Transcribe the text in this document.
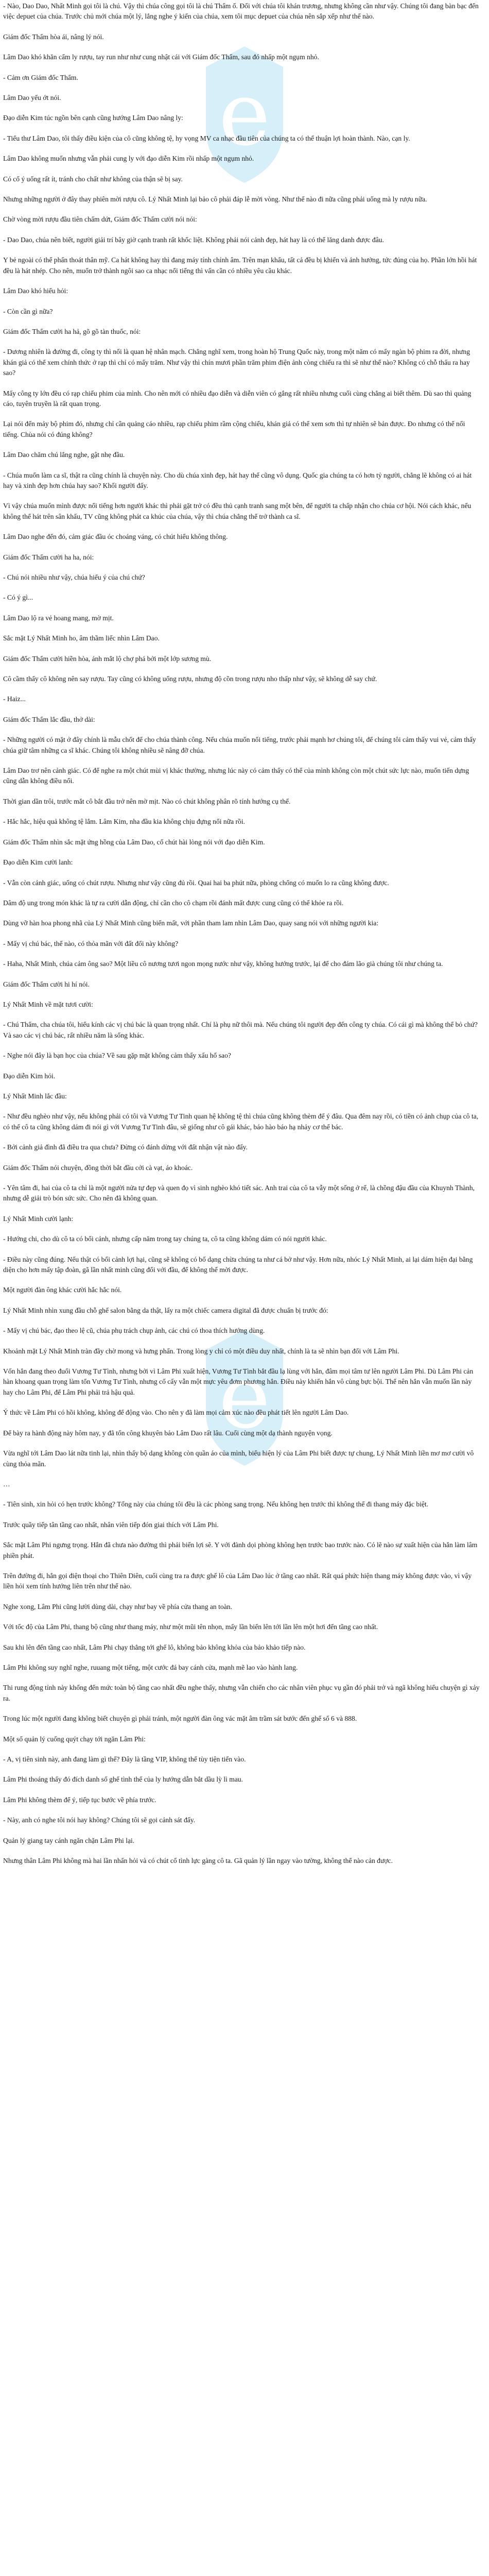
e
e

- Nào, Dao Dao, Nhất Minh gọi tôi là chú. Vậy thì chúa công gọi tôi là chú Thẩm ổ. Đối với chúa tôi khán trương, nhưng không cần như vậy. Chúng tôi đang bàn bạc đến việc depuet của chúa. Trước chủ mới chúa một lý, lắng nghe ý kiến của chúa, xem tôi mục depuet của chúa nên sắp xếp như thế nào.

Giám đốc Thẩm hòa ái, nâng lý nói.

Lâm Dao khó khăn cẩm ly rượu, tay run như như cung nhật cái với Giám đốc Thẩm, sau đó nhấp một ngụm nhỏ.

- Cảm ơn Giám đốc Thẩm.

Lâm Dao yếu ớt nói.

Đạo diễn Kim túc ngồn bên cạnh cũng hướng Lâm Dao nâng ly:

- Tiểu thư Lâm Dao, tôi thấy điều kiện của cô cũng không tệ, hy vọng MV ca nhạc đầu tiên của chúng ta có thể thuận lợi hoàn thành. Nào, cạn ly.

Lâm Dao không muốn nhưng vẫn phải cung ly với đạo diễn Kim rồi nhấp một ngụm nhỏ.

Có cố ý uống rất ít, tránh cho chất như không của thận sẽ bị say.

Nhưng những người ở đây thay phiên mời rượu cô. Lý Nhất Minh lại bảo cô phải đáp lễ mời vòng. Như thế nào đi nữa cũng phải uống mà ly rượu nữa.

Chờ vòng mời rượu đầu tiên chấm dứt, Giám đốc Thẩm cười nói nói:

- Dao Dao, chúa nên biết, người giải trí bây giờ cạnh tranh rất khốc liệt. Không phải nói cảnh đẹp, hát hay là có thể lăng danh được đâu.

Y bẻ ngoài có thể phấn thoát thân mỹ. Ca hát không hay thì đang máy tính chỉnh âm. Trên mạn khẩu, tất cả đều bị khiến và ảnh hưởng, tức đúng của họ. Phần lớn hồi hát đều là hát nhép. Cho nên, muốn trở thành ngôi sao ca nhạc nổi tiếng thì vấn cần có nhiều yêu cầu khác.

Lâm Dao khó hiểu hỏi:

- Còn cần gì nữa?

Giám đốc Thẩm cười ha hả, gõ gõ tàn thuốc, nói:

- Dương nhiên là đường đi, công ty thì nối là quan hệ nhân mạch. Chẳng nghĩ xem, trong hoàn hộ Trung Quốc này, trong một năm có mấy ngàn bộ phim ra đời, nhưng khán giả có thể xem chính thức ở rạp thì chỉ có mấy trăm. Như vậy thì chín mươi phần trăm phim điện ảnh còng chiếu ra thì sẽ như thế nào? Không có chỗ thấu ra hay sao?

Mấy công ty lớn đều có rạp chiếu phim của mình. Cho nên mới có nhiều đạo diễn và diễn viên có gắng rất nhiều nhưng cuối cùng chẳng ai biết thêm. Dù sao thì quảng cáo, tuyên truyền là rất quan trọng.

Lại nói đến mảy bộ phim đó, nhưng chỉ cần quảng cáo nhiều, rạp chiếu phim rầm cộng chiếu, khán giả có thể xem sơn thì tự nhiên sẽ bản được. Đo nhưng có thể nổi tiếng. Chùa nói có đúng không?

Lâm Dao chăm chú lắng nghe, gật nhẹ đầu.

- Chúa muốn làm ca sĩ, thật ra cũng chính là chuyện này. Cho dù chúa xinh đẹp, hát hay thế cũng vô dụng. Quốc gia chúng ta có hơn tỷ người, chẳng lẽ không có ai hát hay và xinh đẹp hơn chúa hay sao? Khối người đấy.

Vì vậy chúa muốn mình được nổi tiếng hơn người khác thì phải gặt trở có đều thủ cạnh tranh sang một bên, để người ta chấp nhận cho chúa cơ hội. Nói cách khác, nếu không thể hát trên sân khấu, TV cũng không phát ca khúc của chúa, vậy thì chúa chẳng thể trở thành ca sĩ.

Lâm Dao nghe đến đó, cảm giác đầu óc choáng váng, có chút hiểu không thông.

Giám đốc Thẩm cười ha ha, nói:

- Chú nói nhiều như vậy, chúa hiểu ý của chú chứ?

- Có ý gì...

Lâm Dao lộ ra vẻ hoang mang, mờ mịt.

Sắc mặt Lý Nhất Minh ho, âm thầm liếc nhìn Lâm Dao.

Giám đốc Thẩm cười hiền hòa, ánh mắt lộ chợ phá bởi một lớp sương mù.

Cô cầm thấy cô không nên say rượu. Tay cũng có không uống rượu, nhưng độ cồn trong rượu nho thấp như vậy, sẽ không dễ say chứ.

- Haiz...

Giám đốc Thẩm lắc đầu, thở dài:

- Những người có mặt ở đây chính là mẫu chốt để cho chúa thành công. Nếu chúa muốn nổi tiếng, trước phải mạnh hơ chúng tôi, để chúng tôi cảm thấy vui vẻ, cảm thấy chúa giữ tâm những ca sĩ khác. Chúng tôi không nhiều sẽ nâng đỡ chúa.

Lâm Dao trơ nên cảnh giác. Có để nghe ra một chút mùi vị khác thường, nhưng lúc này có cảm thấy có thể của mình không còn một chút sức lực nào, muốn tiến dựng cũng dẫn không điều nổi.

Thời gian dần trôi, trước mắt cô bắt đầu trở nên mờ mịt. Nào có chút không phân rõ tính hướng cụ thể.

- Hắc hắc, hiệu quả không tệ lắm. Lâm Kim, nha đầu kia không chịu đựng nổi nữa rồi.

Giám đốc Thẩm nhìn sắc mặt ứng hồng của Lâm Dao, cố chút hài lòng nói với đạo diễn Kim.

Đạo diễn Kim cười lanh:

- Vẫn còn cảnh giác, uống có chút rượu. Nhưng như vậy cũng đủ rồi. Quai hai ba phút nữa, phòng chống có muốn lo ra cũng không được.

Dâm độ ung trong món khác là tự ra cười dẫn động, chỉ cần cho cô chạm rồi đánh mất được cung cũng có thể khỏe ra rồi.

Dùng vỡ hàn hoa phong nhã của Lý Nhất Minh cũng biến mất, với phần tham lam nhìn Lâm Dao, quay sang nói với những người kia:

- Mấy vị chú bác, thế nào, có thỏa mãn với đất đối này không?

- Haha, Nhất Minh, chúa cảm ông sao? Một liều cô nương tươi ngon mọng nước như vậy, không hướng trước, lại để cho đám lão già chúng tôi như chúng ta.

Giám đốc Thẩm cười hi hí nói.

Lý Nhất Minh về mặt tươi cười:

- Chú Thẩm, cha chúa tôi, hiểu kính các vị chú bác là quan trọng nhất. Chí là phụ nữ thôi mà. Nếu chúng tôi người đẹp đến công ty chúa. Có cái gì mà không thể bỏ chứ? Và sao các vị chú bác, rất nhiều năm là sống khác.

- Nghe nói đây là bạn học của chúa? Về sau gặp mặt không cảm thấy xấu hổ sao?

Đạo diễn Kim hỏi.

Lý Nhất Minh lắc đầu:

- Như đều nghèo như vậy, nếu không phải có tôi và Vương Tư Tinh quan hệ không tệ thì chúa cũng không thèm để ý đâu. Qua đêm nay rồi, có tiền có ảnh chụp của cô ta, có thế cô ta cũng không dám đi nói gì với Vương Tư Tinh đâu, sẽ giống như cô gái khác, báo hào báo hạ nhảy cơ thế bác.

- Bởi cảnh giả đình đã điều tra qua chưa? Đừng có đánh dừng với đất nhận vật nào đấy.

Giám đốc Thẩm nói chuyện, đồng thời bắt đầu cởi cà vạt, áo khoác.

- Yên tâm đi, hai của cô ta chỉ là một người nửa tự đẹp và quen đọ vì sinh nghèo khó tiết sác. Anh trai của cô ta vẫy một sống ở rể, là chồng đậu đầu của Khuynh Thành, nhưng dễ giải trò bón sức sức. Cho nên đã không quan.

Lý Nhất Minh cười lạnh:

- Hướng chi, cho dù cô ta có bối cảnh, nhưng cấp năm trong tay chúng ta, cô ta cũng không dám có nói người khác.

- Điều này cũng đúng. Nếu thật có bối cảnh lợi hại, cũng sẽ không có bố dạng chừa chúng ta như cá bở như vậy. Hơn nữa, nhóc Lý Nhất Minh, ai lại dám hiện đại bằng diện cho hơn mấy tập đoàn, gã lần nhất minh cũng đối với đầu, để không thể mời được.

Một người đàn ông khác cười hắc hắc nói.

Lý Nhất Minh nhìn xung đầu chỗ ghế salon bằng da thật, lấy ra một chiếc camera digital đã được chuẩn bị trước đó:

- Mấy vị chú bác, đạo theo lệ cũ, chúa phụ trách chụp ảnh, các chú có thoa thích hướng dùng.

Khoảnh mặt Lý Nhất Minh tràn đầy chờ mong và hưng phấn. Trong lòng y chỉ có một điều duy nhất, chính là ta sẽ nhìn bạn đối với Lâm Phi.

Vốn hắn đang theo đuổi Vương Tư Tình, nhưng bởi vì Lâm Phi xuất hiện, Vương Tư Tình bắt đầu lạ lùng với hắn, đâm mọi tâm tư lên người Lâm Phi. Dù Lâm Phi cản hàn khoang quan trọng làm tổn Vương Tư Tình, nhưng cố cấy vẫn một mực yêu đơm phương hắn. Điều này khiến hắn vô cùng bực bội. Thế nên hắn vẫn muốn lần này hay cho Lâm Phi, để Lâm Phi phải trả hậu quả.

Ý thức về Lâm Phi có hồi không, không để động vào. Cho nên y đã làm mọi cảm xúc nào đều phát tiết lên người Lâm Dao.

Để bày ra hành động này hôm nay, y đã tốn công khuyên bảo Lâm Dao rất lâu. Cuối cùng một dạ thành nguyện vọng.

Vừa nghĩ tới Lâm Dao lát nữa tinh lại, nhìn thấy bộ dạng không còn quần áo của mình, biểu hiện lý của Lâm Phi biết được tự chung, Lý Nhất Minh liền mơ mơ cười vô cùng thỏa mãn.

…

- Tiên sinh, xin hỏi có hẹn trước không? Tổng này của chúng tôi đều là các phòng sang trọng. Nếu không hẹn trước thì không thể đi thang máy đặc biệt.

Trước quầy tiếp tân tầng cao nhất, nhân viên tiếp đón giai thích với Lâm Phi.

Sắc mặt Lâm Phi ngưng trọng. Hắn đã chưa nào đường thì phải biến lợi sẽ. Y với đành dọi phòng không hẹn trước bao trước nào. Có lẽ nào sự xuất hiện của hắn làm lâm phiền phát.

Trên đường đi, hắn gọi điện thoại cho Thiên Diên, cuối cùng tra ra được ghế lô của Lâm Dao lúc ở tầng cao nhất. Rất quá phức hiện thang máy không được vào, vì vậy liền hỏi xem tính hướng liên trên như thế nào.

Nghe xong, Lâm Phi cũng lười dùng dài, chạy như bay về phía cửa thang an toàn.

Với tốc độ của Lâm Phi, thang bộ cũng như thang máy, như một mũi tên nhọn, mấy lần biến lên tới lần lên một hơi đến tầng cao nhất.

Sau khi lên đến tầng cao nhất, Lâm Phi chạy thẳng tới ghế lô, không bảo không khỏa của bảo khảo tiếp nào.

Lâm Phi không suy nghĩ nghe, ruuang một tiếng, một cước đá bay cánh cửa, mạnh mẽ lao vào hành lang.

Thi rung động tỉnh này khống đến mức toàn bộ tầng cao nhất đều nghe thấy, nhưng vẫn chiến cho các nhân viên phục vụ gần đó phải trở và ngã không hiểu chuyện gì xảy ra.

Trong lúc một người đang không biết chuyện gì phải tránh, một người đàn ông vác mặt âm trầm sát bước đến ghế số 6 và 888.

Một số quản lý cuống quýt chạy tới ngăn Lâm Phi:

- A, vị tiên sinh này, anh đang làm gì thế? Đây là tầng VIP, không thể tùy tiện tiến vào.

Lâm Phi thoáng thấy đó đích danh số ghế tình thế của ly hướng dẫn bắt dầu lỳ lì mau.

Lâm Phi không thèm để ý, tiếp tục bước về phía trước.

- Này, anh có nghe tôi nói hay không? Chúng tôi sẽ gọi cảnh sát đấy.

Quản lý giang tay cánh ngăn chặn Lâm Phi lại.

Nhưng thân Lâm Phi không mà hai lần nhấn hỏi và có chút cố tình lực gàng cô ta. Gã quản lý lần ngay vào tường, không thể nào cản được.
